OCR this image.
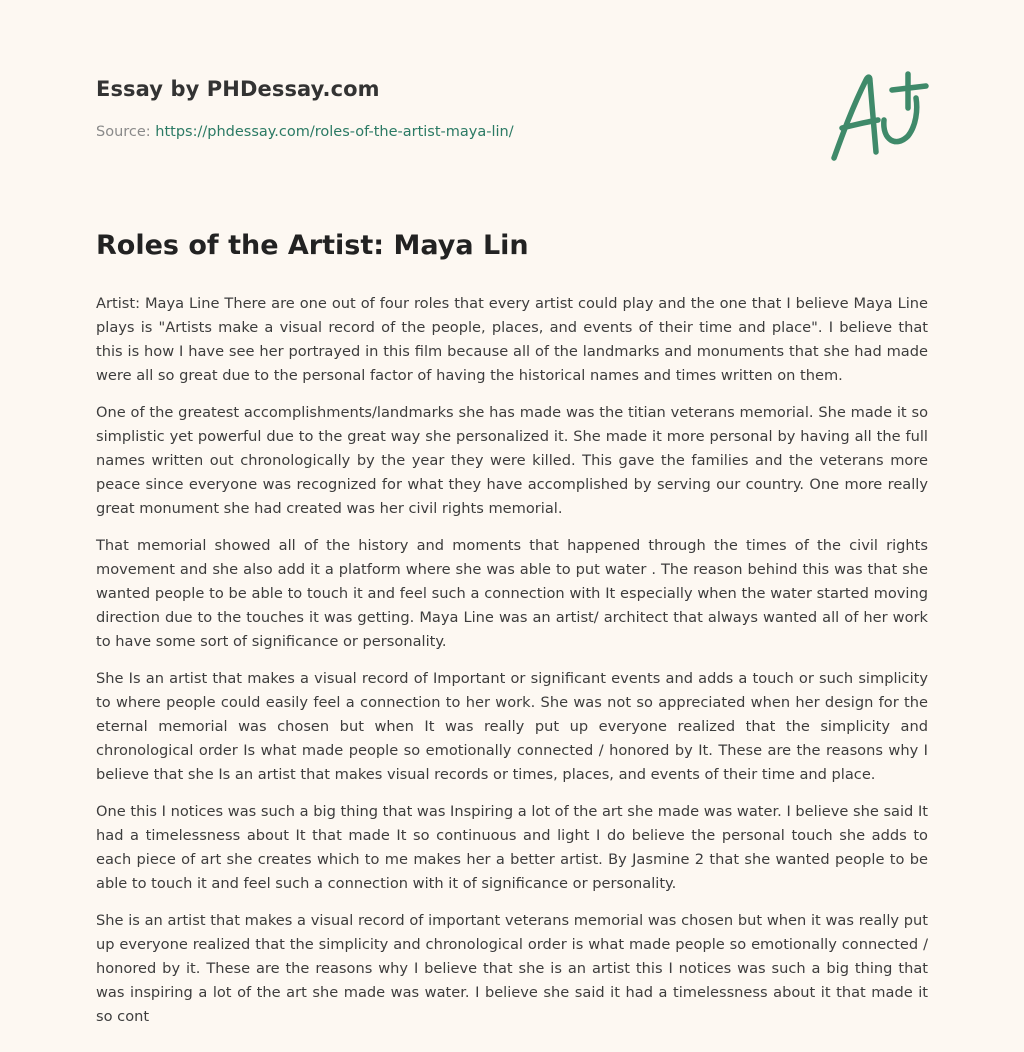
Essay by PHDessay.com
Source: https://phdessay.com/roles-of-the-artist-maya-lin/
Roles of the Artist: Maya Lin

Artist: Maya Line There are one out of four roles that every artist could play and the one that I believe Maya Line plays is "Artists make a visual record of the people, places, and events of their time and place". I believe that this is how I have see her portrayed in this film because all of the landmarks and monuments that she had made were all so great due to the personal factor of having the historical names and times written on them.

One of the greatest accomplishments/landmarks she has made was the titian veterans memorial. She made it so simplistic yet powerful due to the great way she personalized it. She made it more personal by having all the full names written out chronologically by the year they were killed. This gave the families and the veterans more peace since everyone was recognized for what they have accomplished by serving our country. One more really great monument she had created was her civil rights memorial.

That memorial showed all of the history and moments that happened through the times of the civil rights movement and she also add it a platform where she was able to put water . The reason behind this was that she wanted people to be able to touch it and feel such a connection with It especially when the water started moving direction due to the touches it was getting. Maya Line was an artist/ architect that always wanted all of her work to have some sort of significance or personality.

She Is an artist that makes a visual record of Important or significant events and adds a touch or such simplicity to where people could easily feel a connection to her work. She was not so appreciated when her design for the eternal memorial was chosen but when It was really put up everyone realized that the simplicity and chronological order Is what made people so emotionally connected / honored by It. These are the reasons why I believe that she Is an artist that makes visual records or times, places, and events of their time and place.

One this I notices was such a big thing that was Inspiring a lot of the art she made was water. I believe she said It had a timelessness about It that made It so continuous and light I do believe the personal touch she adds to each piece of art she creates which to me makes her a better artist. By Jasmine 2 that she wanted people to be able to touch it and feel such a connection with it of significance or personality.

She is an artist that makes a visual record of important veterans memorial was chosen but when it was really put up everyone realized that the simplicity and chronological order is what made people so emotionally connected / honored by it. These are the reasons why I believe that she is an artist this I notices was such a big thing that was inspiring a lot of the art she made was water. I believe she said it had a timelessness about it that made it so cont
